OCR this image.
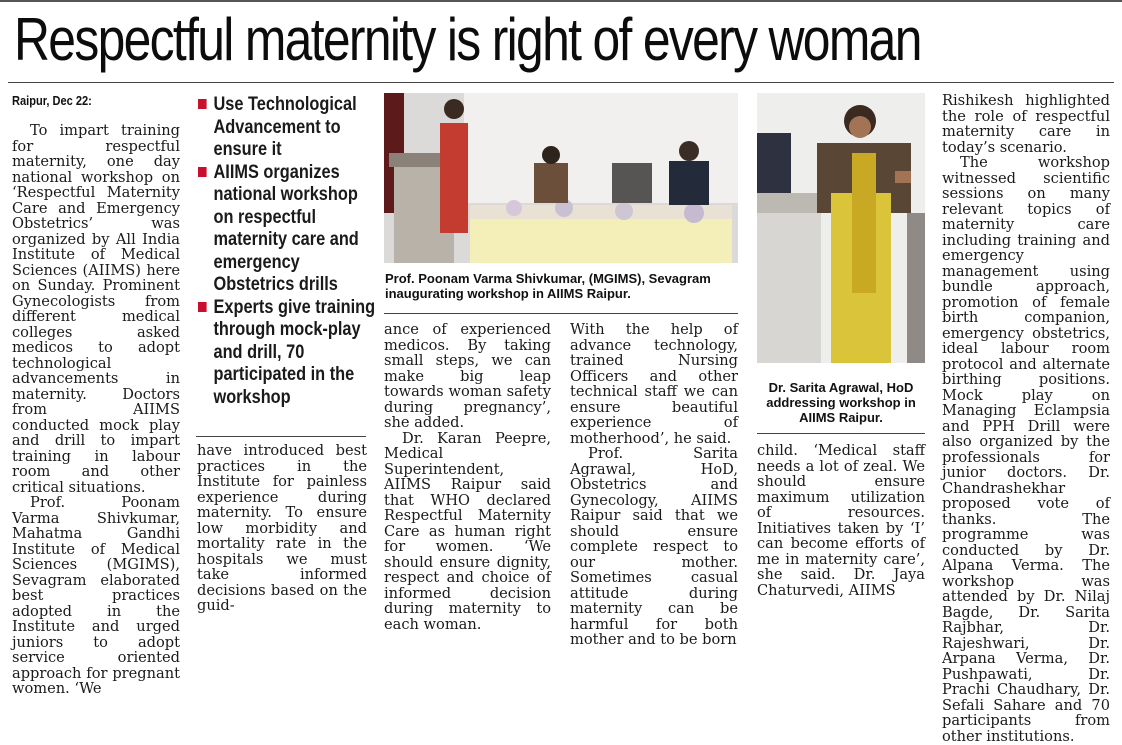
Respectful maternity is right of every woman
Raipur, Dec 22:

To impart training for respectful maternity, one day national workshop on ‘Respectful Maternity Care and Emergency Obstetrics’ was organized by All India Institute of Medical Sciences (AIIMS) here on Sunday. Prominent Gynecologists from different medical colleges asked medicos to adopt technological advancements in maternity. Doctors from AIIMS conducted mock play and drill to impart training in labour room and other critical situations.

Prof. Poonam Varma Shivkumar, Mahatma Gandhi Institute of Medical Sciences (MGIMS), Sevagram elaborated best practices adopted in the Institute and urged juniors to adopt service oriented approach for pregnant women. ‘We

Use Technological Advancement to ensure it
AIIMS organizes national workshop on respectful maternity care and emergency Obstetrics drills
Experts give training through mock-play and drill, 70 participated in the workshop

have introduced best practices in the Institute for painless experience during maternity. To ensure low morbidity and mortality rate in the hospitals we must take informed decisions based on the guid-

Prof. Poonam Varma Shivkumar, (MGIMS), Sevagram inaugurating workshop in AIIMS Raipur.

ance of experienced medicos. By taking small steps, we can make big leap towards woman safety during pregnancy’, she added.

Dr. Karan Peepre, Medical Superintendent, AIIMS Raipur said that WHO declared Respectful Maternity Care as human right for women. ‘We should ensure dignity, respect and choice of informed decision during maternity to each woman.

With the help of advance technology, trained Nursing Officers and other technical staff we can ensure beautiful experience of motherhood’, he said.

Prof. Sarita Agrawal, HoD, Obstetrics and Gynecology, AIIMS Raipur said that we should ensure complete respect to our mother. Sometimes casual attitude during maternity can be harmful for both mother and to be born

Dr. Sarita Agrawal, HoD addressing workshop in AIIMS Raipur.

child. ‘Medical staff needs a lot of zeal. We should ensure maximum utilization of resources. Initiatives taken by ‘I’ can become efforts of me in maternity care’, she said. Dr. Jaya Chaturvedi, AIIMS

Rishikesh highlighted the role of respectful maternity care in today’s scenario.

The workshop witnessed scientific sessions on many relevant topics of maternity care including training and emergency management using bundle approach, promotion of female birth companion, emergency obstetrics, ideal labour room protocol and alternate birthing positions. Mock play on Managing Eclampsia and PPH Drill were also organized by the professionals for junior doctors. Dr. Chandrashekhar proposed vote of thanks. The programme was conducted by Dr. Alpana Verma. The workshop was attended by Dr. Nilaj Bagde, Dr. Sarita Rajbhar, Dr. Rajeshwari, Dr. Arpana Verma, Dr. Pushpawati, Dr. Prachi Chaudhary, Dr. Sefali Sahare and 70 participants from other institutions.
